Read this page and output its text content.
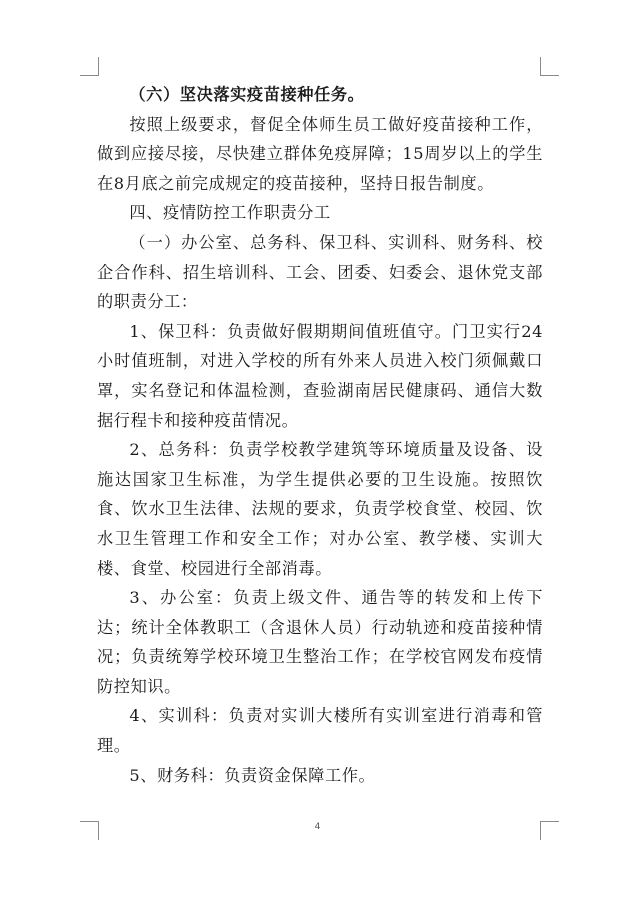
（六）坚决落实疫苗接种任务。

按照上级要求，督促全体师生员工做好疫苗接种工作，做到应接尽接，尽快建立群体免疫屏障；15周岁以上的学生在8月底之前完成规定的疫苗接种，坚持日报告制度。

四、疫情防控工作职责分工

（一）办公室、总务科、保卫科、实训科、财务科、校企合作科、招生培训科、工会、团委、妇委会、退休党支部的职责分工：

1、保卫科：负责做好假期期间值班值守。门卫实行24小时值班制，对进入学校的所有外来人员进入校门须佩戴口罩，实名登记和体温检测，查验湖南居民健康码、通信大数据行程卡和接种疫苗情况。

2、总务科：负责学校教学建筑等环境质量及设备、设施达国家卫生标准，为学生提供必要的卫生设施。按照饮食、饮水卫生法律、法规的要求，负责学校食堂、校园、饮水卫生管理工作和安全工作；对办公室、教学楼、实训大楼、食堂、校园进行全部消毒。

3、办公室：负责上级文件、通告等的转发和上传下达；统计全体教职工（含退休人员）行动轨迹和疫苗接种情况；负责统筹学校环境卫生整治工作；在学校官网发布疫情防控知识。

4、实训科：负责对实训大楼所有实训室进行消毒和管理。

5、财务科：负责资金保障工作。

4
